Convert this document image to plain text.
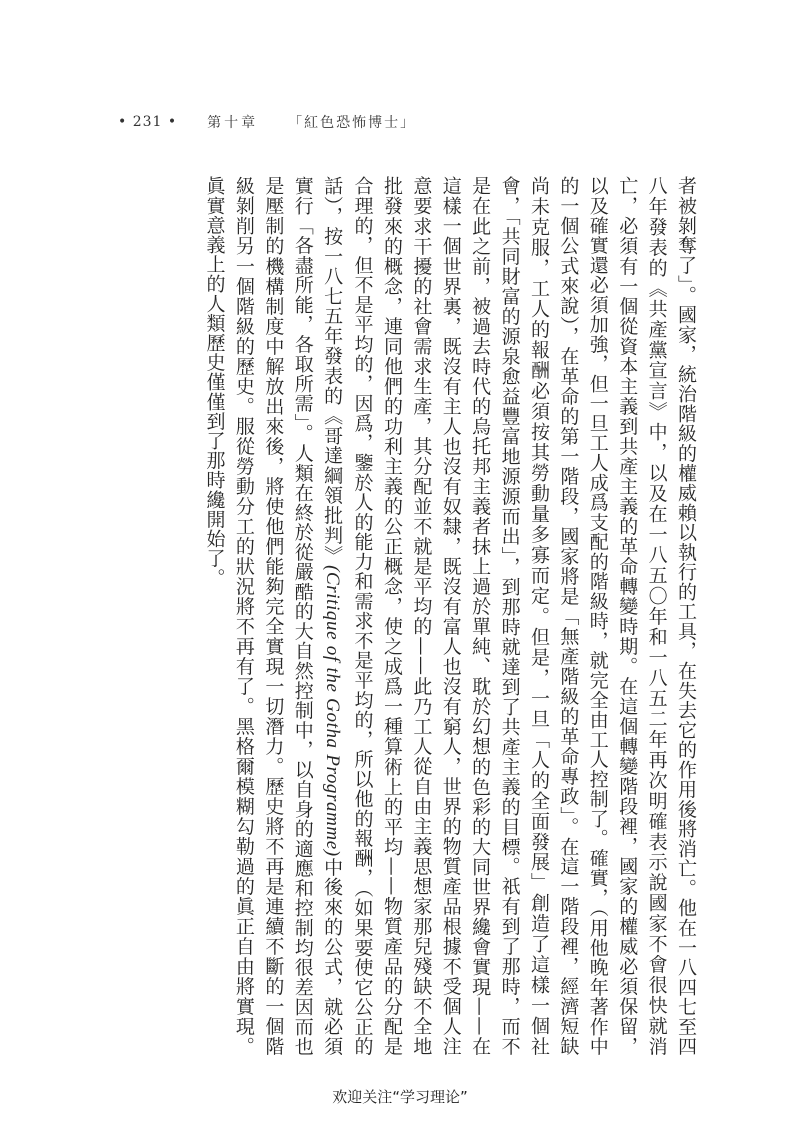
• 231 • 第十章 「紅色恐怖博士」

者被剝奪了」。國家，統治階級的權威賴以執行的工具，在失去它的作用後將消亡。他在一八四七至四八年發表的《共產黨宣言》中，以及在一八五〇年和一八五二年再次明確表示說國家不會很快就消亡，必須有一個從資本主義到共產主義的革命轉變時期。在這個轉變階段裡，國家的權威必須保留，以及確實還必須加強，但一旦工人成爲支配的階級時，就完全由工人控制了。確實，（用他晚年著作中的一個公式來說），在革命的第一階段，國家將是「無產階級的革命專政」。在這一階段裡，經濟短缺尚未克服，工人的報酬必須按其勞動量多寡而定。但是，一旦「人的全面發展」創造了這樣一個社會，「共同財富的源泉愈益豐富地源源而出」，到那時就達到了共產主義的目標。祇有到了那時，而不是在此之前，被過去時代的烏托邦主義者抹上過於單純、耽於幻想的色彩的大同世界纔會實現——在這樣一個世界裏，既沒有主人也沒有奴隸，既沒有富人也沒有窮人，世界的物質產品根據不受個人注意要求干擾的社會需求生產，其分配並不就是平均的——此乃工人從自由主義思想家那兒殘缺不全地批發來的概念，連同他們的功利主義的公正概念，使之成爲一種算術上的平均——物質產品的分配是合理的，但不是平均的，因爲，鑒於人的能力和需求不是平均的，所以他的報酬，（如果要使它公正的話），按一八七五年發表的《哥達綱領批判》(Critique of the Gotha Programme)中後來的公式，就必須實行「各盡所能，各取所需」。人類在終於從嚴酷的大自然控制中，以自身的適應和控制均很差因而也是壓制的機構制度中解放出來後，將使他們能夠完全實現一切潛力。歷史將不再是連續不斷的一個階級剝削另一個階級的歷史。服從勞動分工的狀況將不再有了。黑格爾模糊勾勒過的眞正自由將實現。眞實意義上的人類歷史僅僅到了那時纔開始了。

欢迎关注“学习理论”
